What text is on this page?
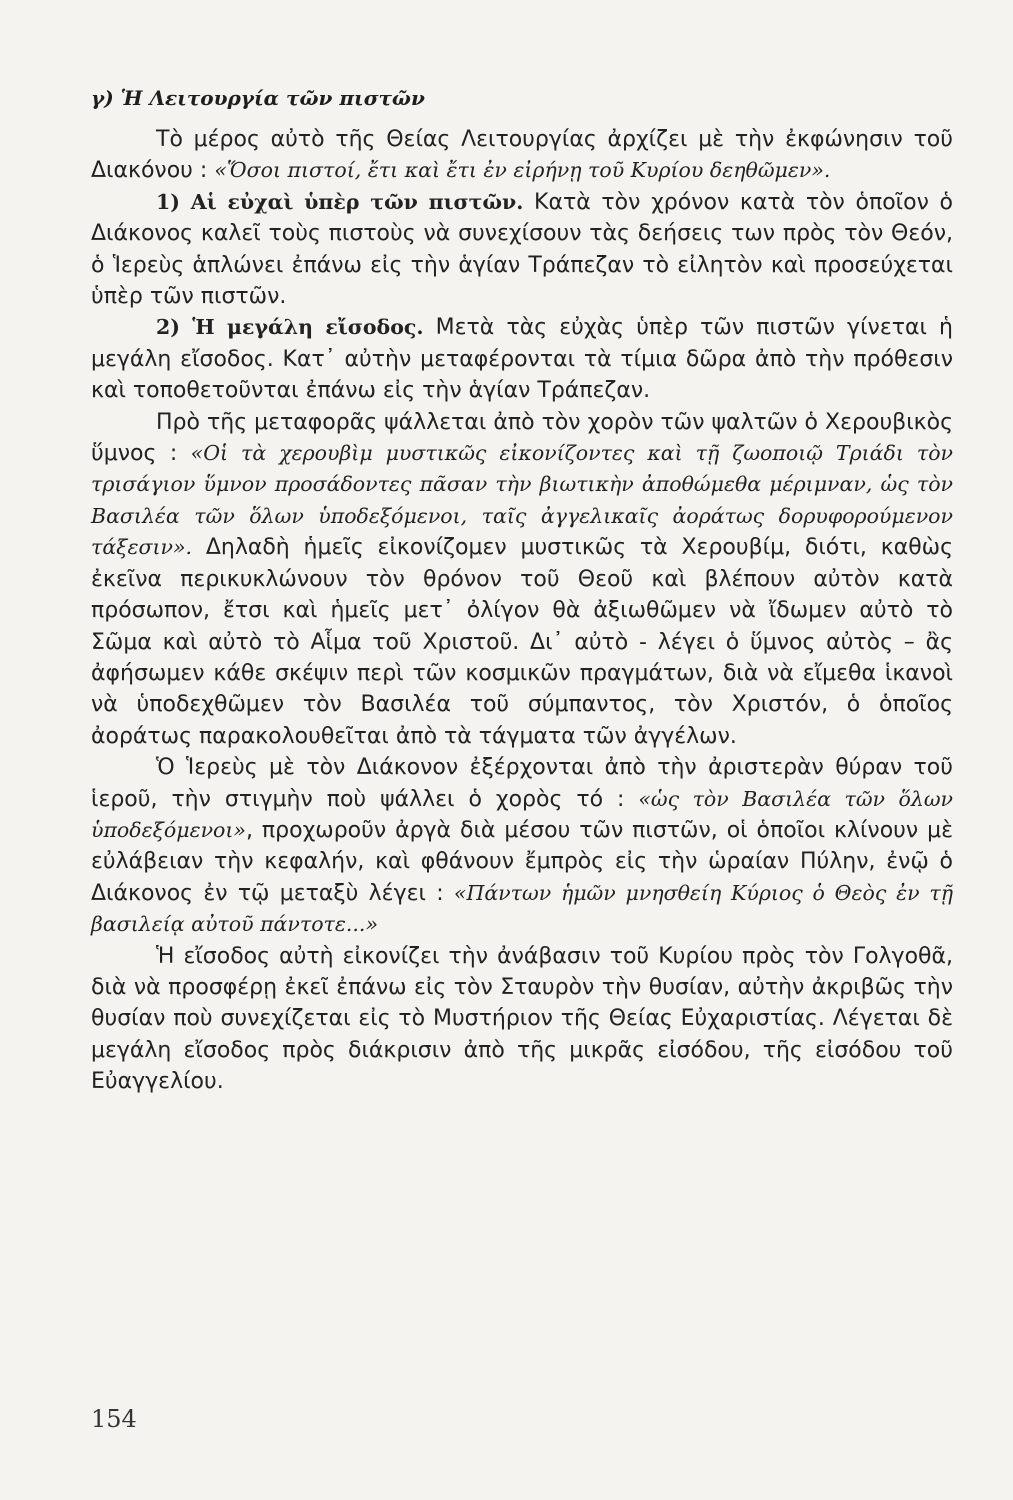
γ) Ἡ Λειτουργία τῶν πιστῶν

Τὸ μέρος αὐτὸ τῆς Θείας Λειτουργίας ἀρχίζει μὲ τὴν ἐκφώνησιν τοῦ Διακόνου : «Ὅσοι πιστοί, ἔτι καὶ ἔτι ἐν εἰρήνῃ τοῦ Κυρίου δεηθῶμεν».

1) Αἱ εὐχαὶ ὑπὲρ τῶν πιστῶν. Κατὰ τὸν χρόνον κατὰ τὸν ὁποῖον ὁ Διάκονος καλεῖ τοὺς πιστοὺς νὰ συνεχίσουν τὰς δεήσεις των πρὸς τὸν Θεόν, ὁ Ἱερεὺς ἁπλώνει ἐπάνω εἰς τὴν ἁγίαν Τράπεζαν τὸ εἰλητὸν καὶ προσεύχεται ὑπὲρ τῶν πιστῶν.

2) Ἡ μεγάλη εἴσοδος. Μετὰ τὰς εὐχὰς ὑπὲρ τῶν πιστῶν γίνεται ἡ μεγάλη εἴσοδος. Κατ᾽ αὐτὴν μεταφέρονται τὰ τίμια δῶρα ἀπὸ τὴν πρόθεσιν καὶ τοποθετοῦνται ἐπάνω εἰς τὴν ἁγίαν Τράπεζαν.

Πρὸ τῆς μεταφορᾶς ψάλλεται ἀπὸ τὸν χορὸν τῶν ψαλτῶν ὁ Χερουβικὸς ὕμνος : «Οἱ τὰ χερουβὶμ μυστικῶς εἰκονίζοντες καὶ τῇ ζωοποιῷ Τριάδι τὸν τρισάγιον ὕμνον προσάδοντες πᾶσαν τὴν βιωτικὴν ἀποθώμεθα μέριμναν, ὡς τὸν Βασιλέα τῶν ὅλων ὑποδεξόμενοι, ταῖς ἀγγελικαῖς ἀοράτως δορυφορούμενον τάξεσιν». Δηλαδὴ ἡμεῖς εἰκονίζομεν μυστικῶς τὰ Χερουβίμ, διότι, καθὼς ἐκεῖνα περικυκλώνουν τὸν θρόνον τοῦ Θεοῦ καὶ βλέπουν αὐτὸν κατὰ πρόσωπον, ἔτσι καὶ ἡμεῖς μετ᾽ ὀλίγον θὰ ἀξιωθῶμεν νὰ ἴδωμεν αὐτὸ τὸ Σῶμα καὶ αὐτὸ τὸ Αἷμα τοῦ Χριστοῦ. Δι᾽ αὐτὸ - λέγει ὁ ὕμνος αὐτὸς – ἂς ἀφήσωμεν κάθε σκέψιν περὶ τῶν κοσμικῶν πραγμάτων, διὰ νὰ εἴμεθα ἱκανοὶ νὰ ὑποδεχθῶμεν τὸν Βασιλέα τοῦ σύμπαντος, τὸν Χριστόν, ὁ ὁποῖος ἀοράτως παρακολουθεῖται ἀπὸ τὰ τάγματα τῶν ἀγγέλων.

Ὁ Ἱερεὺς μὲ τὸν Διάκονον ἐξέρχονται ἀπὸ τὴν ἀριστερὰν θύραν τοῦ ἱεροῦ, τὴν στιγμὴν ποὺ ψάλλει ὁ χορὸς τό : «ὡς τὸν Βασιλέα τῶν ὅλων ὑποδεξόμενοι», προχωροῦν ἀργὰ διὰ μέσου τῶν πιστῶν, οἱ ὁποῖοι κλίνουν μὲ εὐλάβειαν τὴν κεφαλήν, καὶ φθάνουν ἔμπρὸς εἰς τὴν ὡραίαν Πύλην, ἐνῷ ὁ Διάκονος ἐν τῷ μεταξὺ λέγει : «Πάντων ἡμῶν μνησθείη Κύριος ὁ Θεὸς ἐν τῇ βασιλείᾳ αὐτοῦ πάντοτε...»

Ἡ εἴσοδος αὐτὴ εἰκονίζει τὴν ἀνάβασιν τοῦ Κυρίου πρὸς τὸν Γολγοθᾶ, διὰ νὰ προσφέρῃ ἐκεῖ ἐπάνω εἰς τὸν Σταυρὸν τὴν θυσίαν, αὐτὴν ἀκριβῶς τὴν θυσίαν ποὺ συνεχίζεται εἰς τὸ Μυστήριον τῆς Θείας Εὐχαριστίας. Λέγεται δὲ μεγάλη εἴσοδος πρὸς διάκρισιν ἀπὸ τῆς μικρᾶς εἰσόδου, τῆς εἰσόδου τοῦ Εὐαγγελίου.

154
